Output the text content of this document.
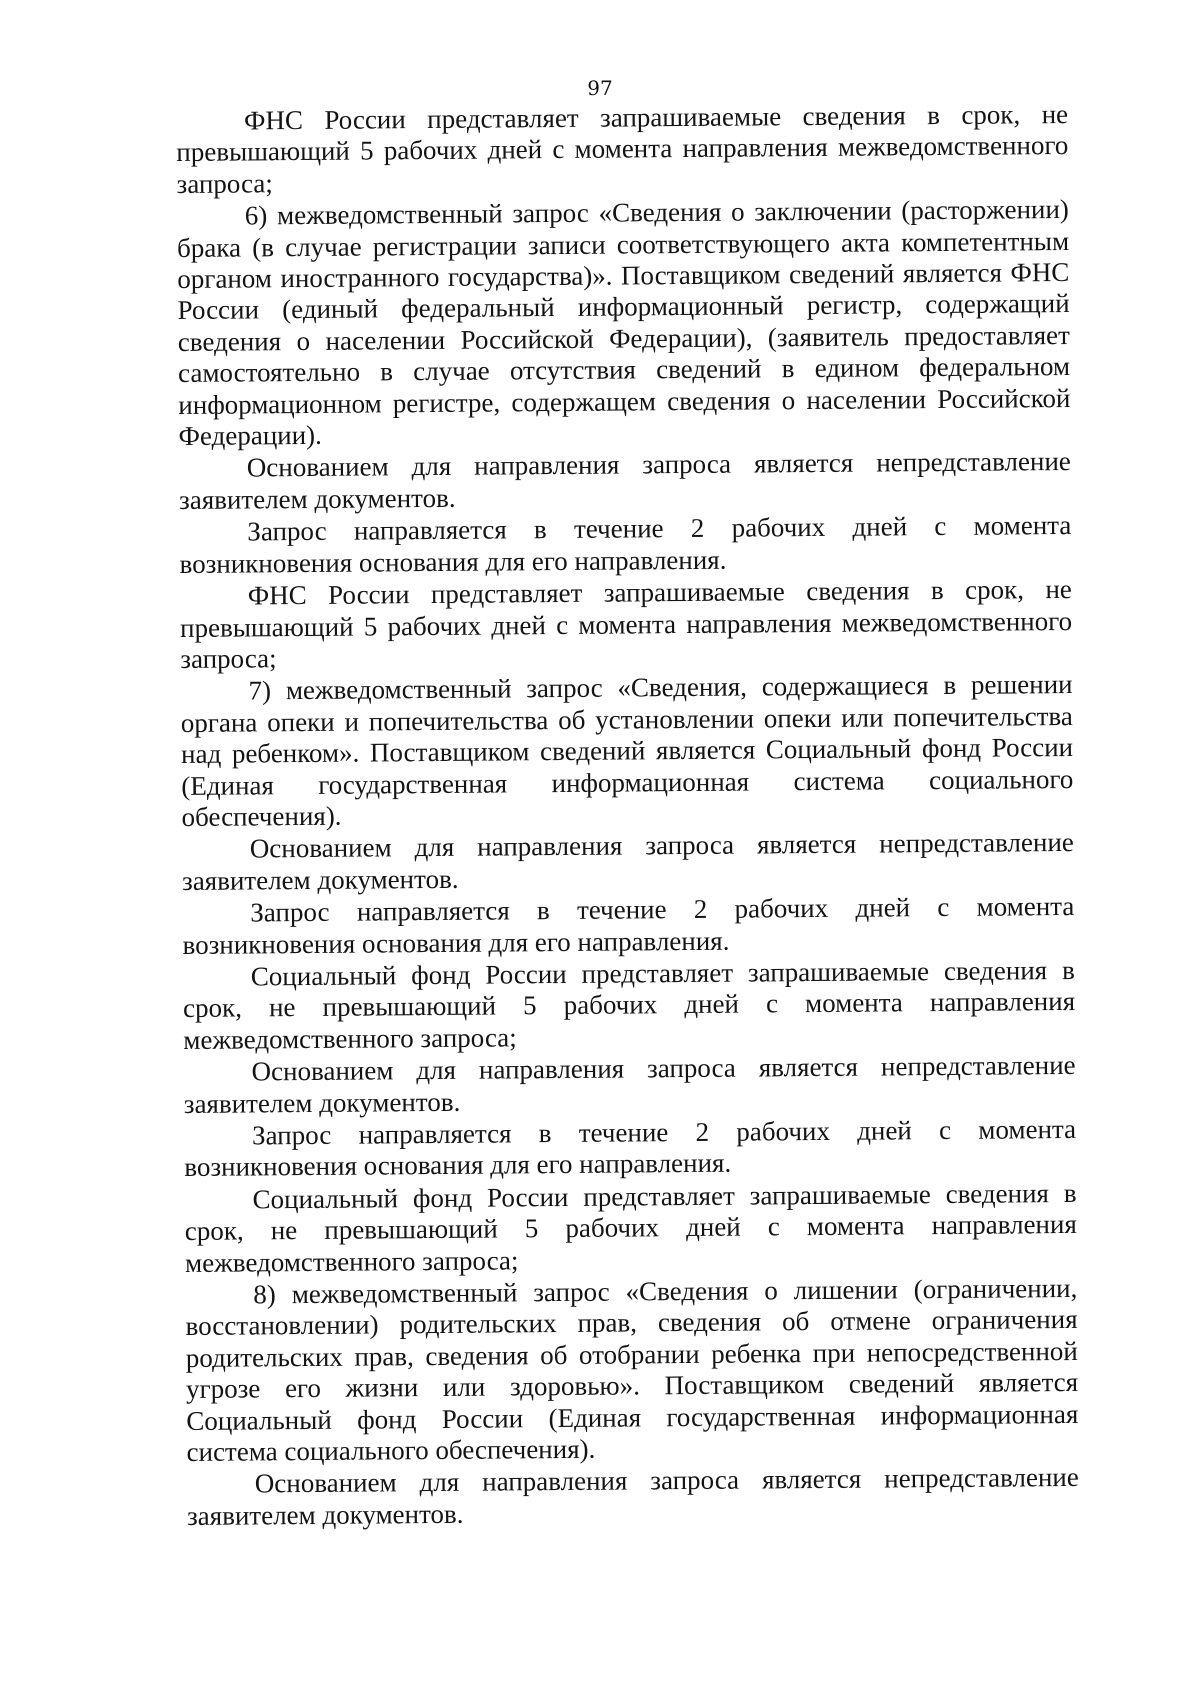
97

ФНС России представляет запрашиваемые сведения в срок, не превышающий 5 рабочих дней с момента направления межведомственного запроса;

6) межведомственный запрос «Сведения о заключении (расторжении) брака (в случае регистрации записи соответствующего акта компетентным органом иностранного государства)». Поставщиком сведений является ФНС России (единый федеральный информационный регистр, содержащий сведения о населении Российской Федерации), (заявитель предоставляет самостоятельно в случае отсутствия сведений в едином федеральном информационном регистре, содержащем сведения о населении Российской Федерации).

Основанием для направления запроса является непредставление заявителем документов.

Запрос направляется в течение 2 рабочих дней с момента возникновения основания для его направления.

ФНС России представляет запрашиваемые сведения в срок, не превышающий 5 рабочих дней с момента направления межведомственного запроса;

7) межведомственный запрос «Сведения, содержащиеся в решении органа опеки и попечительства об установлении опеки или попечительства над ребенком». Поставщиком сведений является Социальный фонд России (Единая государственная информационная система социального обеспечения).

Основанием для направления запроса является непредставление заявителем документов.

Запрос направляется в течение 2 рабочих дней с момента возникновения основания для его направления.

Социальный фонд России представляет запрашиваемые сведения в срок, не превышающий 5 рабочих дней с момента направления межведомственного запроса;

Основанием для направления запроса является непредставление заявителем документов.

Запрос направляется в течение 2 рабочих дней с момента возникновения основания для его направления.

Социальный фонд России представляет запрашиваемые сведения в срок, не превышающий 5 рабочих дней с момента направления межведомственного запроса;

8) межведомственный запрос «Сведения о лишении (ограничении, восстановлении) родительских прав, сведения об отмене ограничения родительских прав, сведения об отобрании ребенка при непосредственной угрозе его жизни или здоровью». Поставщиком сведений является Социальный фонд России (Единая государственная информационная система социального обеспечения).

Основанием для направления запроса является непредставление заявителем документов.
